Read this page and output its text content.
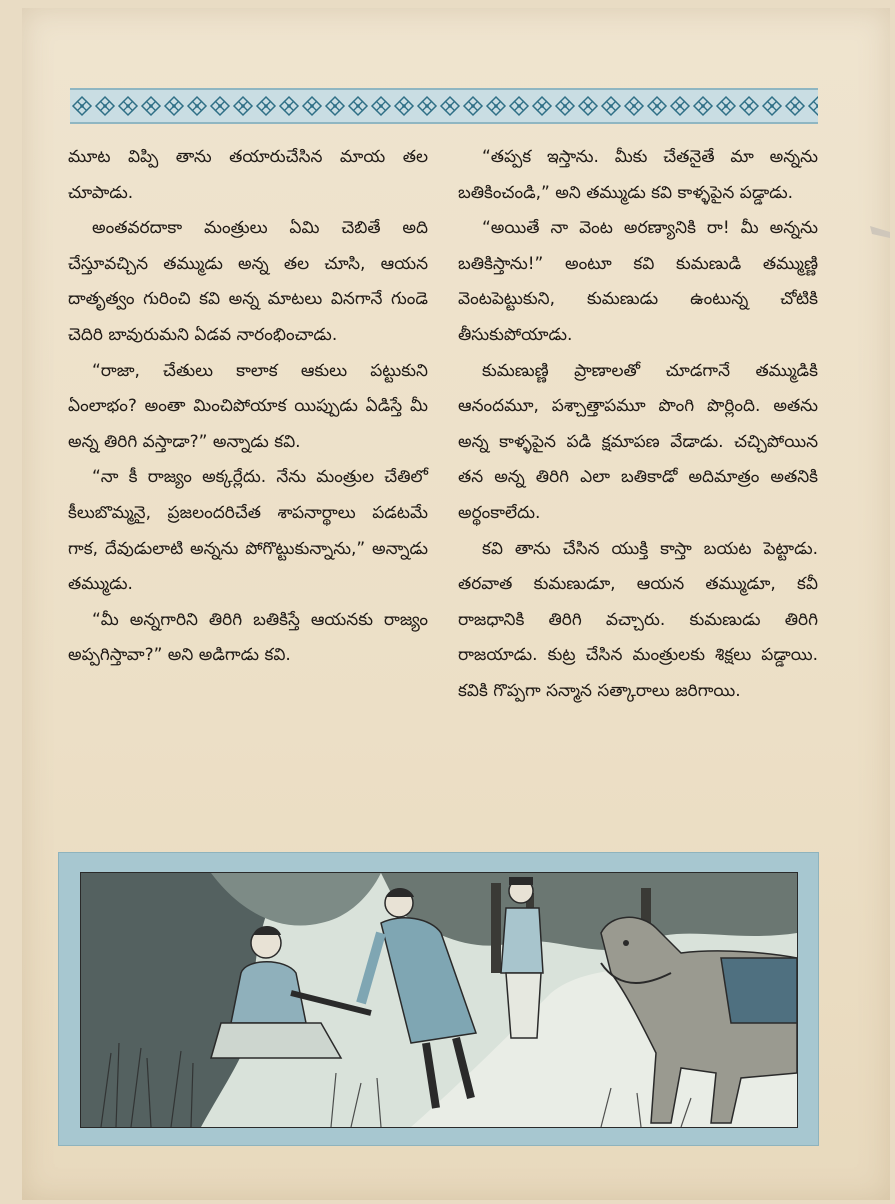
మూట విప్పి తాను తయారుచేసిన మాయ తల చూపాడు.

అంతవరదాకా మంత్రులు ఏమి చెబితే అది చేస్తూవచ్చిన తమ్ముడు అన్న తల చూసి, ఆయన దాతృత్వం గురించి కవి అన్న మాటలు వినగానే గుండె చెదిరి బావురుమని ఏడవ నారంభించాడు.

“రాజా, చేతులు కాలాక ఆకులు పట్టుకుని ఏంలాభం? అంతా మించిపోయాక యిప్పుడు ఏడిస్తే మీ అన్న తిరిగి వస్తాడా?” అన్నాడు కవి.

“నా కీ రాజ్యం అక్కర్లేదు. నేను మంత్రుల చేతిలో కీలుబొమ్మనై, ప్రజలందరిచేత శాపనార్థాలు పడటమే గాక, దేవుడులాటి అన్నను పోగొట్టుకున్నాను,” అన్నాడు తమ్ముడు.

“మీ అన్నగారిని తిరిగి బతికిస్తే ఆయనకు రాజ్యం అప్పగిస్తావా?” అని అడిగాడు కవి.

“తప్పక ఇస్తాను. మీకు చేతనైతే మా అన్నను బతికించండి,” అని తమ్ముడు కవి కాళ్ళపైన పడ్డాడు.

“అయితే నా వెంట అరణ్యానికి రా! మీ అన్నను బతికిస్తాను!” అంటూ కవి కుమణుడి తమ్ముణ్ణి వెంటపెట్టుకుని, కుమణుడు ఉంటున్న చోటికి తీసుకుపోయాడు.

కుమణుణ్ణి ప్రాణాలతో చూడగానే తమ్ముడికి ఆనందమూ, పశ్చాత్తాపమూ పొంగి పొర్లింది. అతను అన్న కాళ్ళపైన పడి క్షమాపణ వేడాడు. చచ్చిపోయిన తన అన్న తిరిగి ఎలా బతికాడో అదిమాత్రం అతనికి అర్థంకాలేదు.

కవి తాను చేసిన యుక్తి కాస్తా బయట పెట్టాడు. తరవాత కుమణుడూ, ఆయన తమ్ముడూ, కవీ రాజధానికి తిరిగి వచ్చారు. కుమణుడు తిరిగి రాజయాడు. కుట్ర చేసిన మంత్రులకు శిక్షలు పడ్డాయి. కవికి గొప్పగా సన్మాన సత్కారాలు జరిగాయి.
